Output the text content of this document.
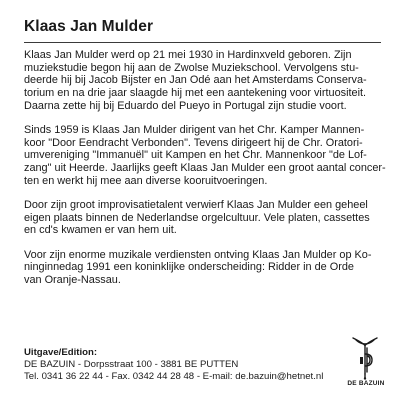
Klaas Jan Mulder

Klaas Jan Mulder werd op 21 mei 1930 in Hardinxveld geboren. Zijn
muziekstudie begon hij aan de Zwolse Muziekschool. Vervolgens stu-
deerde hij bij Jacob Bijster en Jan Odé aan het Amsterdams Conserva-
torium en na drie jaar slaagde hij met een aantekening voor virtuositeit.
Daarna zette hij bij Eduardo del Pueyo in Portugal zijn studie voort.

Sinds 1959 is Klaas Jan Mulder dirigent van het Chr. Kamper Mannen-
koor "Door Eendracht Verbonden". Tevens dirigeert hij de Chr. Oratori-
umvereniging "Immanuël" uit Kampen en het Chr. Mannenkoor "de Lof-
zang" uit Heerde. Jaarlijks geeft Klaas Jan Mulder een groot aantal concer-
ten en werkt hij mee aan diverse kooruitvoeringen.

Door zijn groot improvisatietalent verwierf Klaas Jan Mulder een geheel
eigen plaats binnen de Nederlandse orgelcultuur. Vele platen, cassettes
en cd's kwamen er van hem uit.

Voor zijn enorme muzikale verdiensten ontving Klaas Jan Mulder op Ko-
ninginnedag 1991 een koninklijke onderscheiding: Ridder in de Orde
van Oranje-Nassau.

Uitgave/Edition:
DE BAZUIN - Dorpsstraat 100 - 3881 BE PUTTEN
Tel. 0341 36 22 44 - Fax. 0342 44 28 48 - E-mail: de.bazuin@hetnet.nl
DE BAZUIN
